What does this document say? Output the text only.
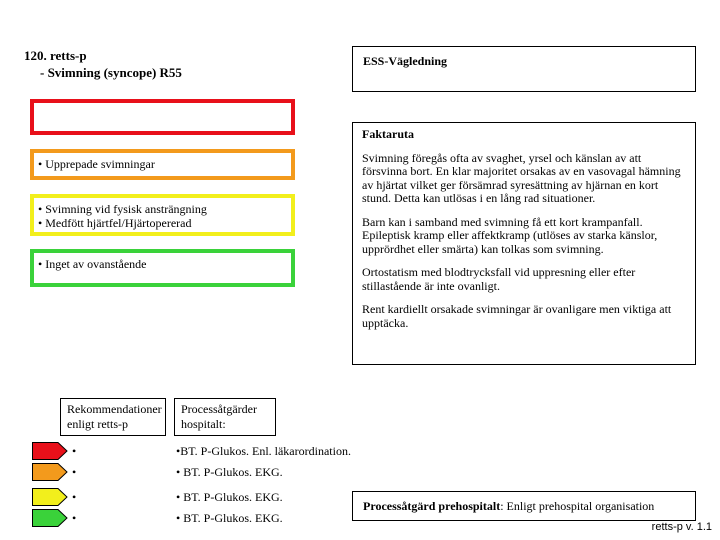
120. retts-p
- Svimning (syncope) R55
ESS-Vägledning
• Upprepade svimningar
• Svimning vid fysisk ansträngning
• Medfött hjärtfel/Hjärtopererad
• Inget av ovanstående
Faktaruta

Svimning föregås ofta av svaghet, yrsel och känslan av att försvinna bort. En klar majoritet orsakas av en vasovagal hämning av hjärtat vilket ger försämrad syresättning av hjärnan en kort stund. Detta kan utlösas i en lång rad situationer.

Barn kan i samband med svimning få ett kort krampanfall. Epileptisk kramp eller affektkramp (utlöses av starka känslor, upprördhet eller smärta) kan tolkas som svimning.

Ortostatism med blodtrycksfall vid uppresning eller efter stillastående är inte ovanligt.

Rent kardiellt orsakade svimningar är ovanligare men viktiga att upptäcka.

Rekommendationer
enligt retts-p
Processåtgärder
hospitalt:
•	•BT. P-Glukos. Enl. läkarordination.
•	• BT. P-Glukos. EKG.
•	• BT. P-Glukos. EKG.
•	• BT. P-Glukos. EKG.
Processåtgärd prehospitalt: Enligt prehospital organisation
retts-p v. 1.1
